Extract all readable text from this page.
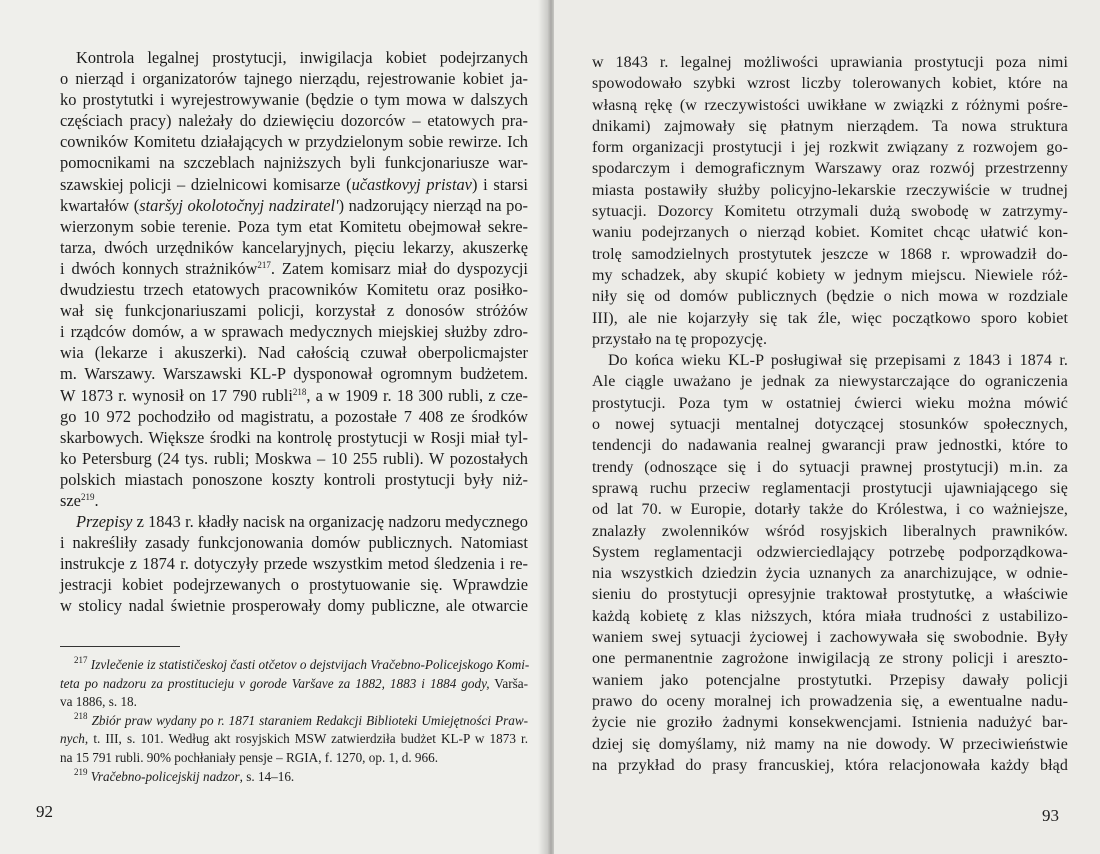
Kontrola legalnej prostytucji, inwigilacja kobiet podejrzanych
o nierząd i organizatorów tajnego nierządu, rejestrowanie kobiet ja-
ko prostytutki i wyrejestrowywanie (będzie o tym mowa w dalszych
częściach pracy) należały do dziewięciu dozorców – etatowych pra-
cowników Komitetu działających w przydzielonym sobie rewirze. Ich
pomocnikami na szczeblach najniższych byli funkcjonariusze war-
szawskiej policji – dzielnicowi komisarze (učastkovyj pristav) i starsi
kwartałów (staršyj okolotočnyj nadziratel') nadzorujący nierząd na po-
wierzonym sobie terenie. Poza tym etat Komitetu obejmował sekre-
tarza, dwóch urzędników kancelaryjnych, pięciu lekarzy, akuszerkę
i dwóch konnych strażników$^{217}$. Zatem komisarz miał do dyspozycji
dwudziestu trzech etatowych pracowników Komitetu oraz posiłko-
wał się funkcjonariuszami policji, korzystał z donosów stróżów
i rządców domów, a w sprawach medycznych miejskiej służby zdro-
wia (lekarze i akuszerki). Nad całością czuwał oberpolicmajster
m. Warszawy. Warszawski KL-P dysponował ogromnym budżetem.
W 1873 r. wynosił on 17 790 rubli$^{218}$, a w 1909 r. 18 300 rubli, z cze-
go 10 972 pochodziło od magistratu, a pozostałe 7 408 ze środków
skarbowych. Większe środki na kontrolę prostytucji w Rosji miał tyl-
ko Petersburg (24 tys. rubli; Moskwa – 10 255 rubli). W pozostałych
polskich miastach ponoszone koszty kontroli prostytucji były niż-
sze$^{219}$.
Przepisy z 1843 r. kładły nacisk na organizację nadzoru medycznego
i nakreśliły zasady funkcjonowania domów publicznych. Natomiast
instrukcje z 1874 r. dotyczyły przede wszystkim metod śledzenia i re-
jestracji kobiet podejrzewanych o prostytuowanie się. Wprawdzie
w stolicy nadal świetnie prosperowały domy publiczne, ale otwarcie
$^{217}$ Izvlečenie iz statističeskoj časti otčetov o dejstvijach Vračebno-Policejskogo Komi-
teta po nadzoru za prostitucieju v gorode Varšave za 1882, 1883 i 1884 gody, Varša-
va 1886, s. 18.
$^{218}$ Zbiór praw wydany po r. 1871 staraniem Redakcji Biblioteki Umiejętności Praw-
nych, t. III, s. 101. Według akt rosyjskich MSW zatwierdziła budżet KL-P w 1873 r.
na 15 791 rubli. 90% pochłaniały pensje – RGIA, f. 1270, op. 1, d. 966.
$^{219}$ Vračebno-policejskij nadzor, s. 14–16.
92
w 1843 r. legalnej możliwości uprawiania prostytucji poza nimi
spowodowało szybki wzrost liczby tolerowanych kobiet, które na
własną rękę (w rzeczywistości uwikłane w związki z różnymi pośre-
dnikami) zajmowały się płatnym nierządem. Ta nowa struktura
form organizacji prostytucji i jej rozkwit związany z rozwojem go-
spodarczym i demograficznym Warszawy oraz rozwój przestrzenny
miasta postawiły służby policyjno-lekarskie rzeczywiście w trudnej
sytuacji. Dozorcy Komitetu otrzymali dużą swobodę w zatrzymy-
waniu podejrzanych o nierząd kobiet. Komitet chcąc ułatwić kon-
trolę samodzielnych prostytutek jeszcze w 1868 r. wprowadził do-
my schadzek, aby skupić kobiety w jednym miejscu. Niewiele róż-
niły się od domów publicznych (będzie o nich mowa w rozdziale
III), ale nie kojarzyły się tak źle, więc początkowo sporo kobiet
przystało na tę propozycję.
Do końca wieku KL-P posługiwał się przepisami z 1843 i 1874 r.
Ale ciągle uważano je jednak za niewystarczające do ograniczenia
prostytucji. Poza tym w ostatniej ćwierci wieku można mówić
o nowej sytuacji mentalnej dotyczącej stosunków społecznych,
tendencji do nadawania realnej gwarancji praw jednostki, które to
trendy (odnoszące się i do sytuacji prawnej prostytucji) m.in. za
sprawą ruchu przeciw reglamentacji prostytucji ujawniającego się
od lat 70. w Europie, dotarły także do Królestwa, i co ważniejsze,
znalazły zwolenników wśród rosyjskich liberalnych prawników.
System reglamentacji odzwierciedlający potrzebę podporządkowa-
nia wszystkich dziedzin życia uznanych za anarchizujące, w odnie-
sieniu do prostytucji opresyjnie traktował prostytutkę, a właściwie
każdą kobietę z klas niższych, która miała trudności z ustabilizo-
waniem swej sytuacji życiowej i zachowywała się swobodnie. Były
one permanentnie zagrożone inwigilacją ze strony policji i areszto-
waniem jako potencjalne prostytutki. Przepisy dawały policji
prawo do oceny moralnej ich prowadzenia się, a ewentualne nadu-
życie nie groziło żadnymi konsekwencjami. Istnienia nadużyć bar-
dziej się domyślamy, niż mamy na nie dowody. W przeciwieństwie
na przykład do prasy francuskiej, która relacjonowała każdy błąd
93
